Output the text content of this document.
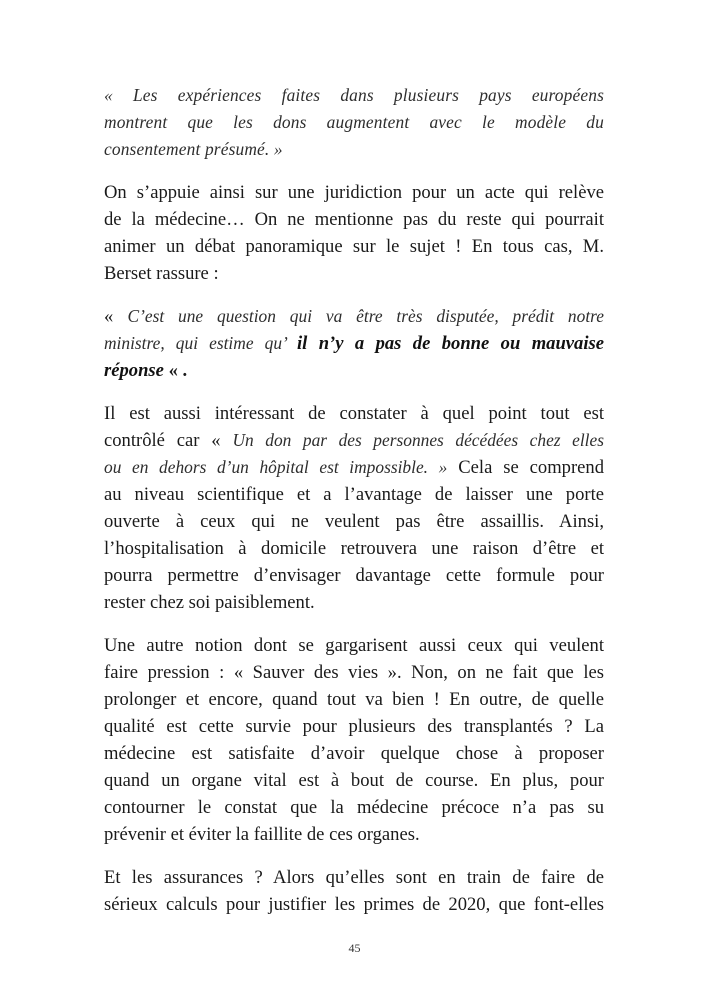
« Les expériences faites dans plusieurs pays européens
montrent que les dons augmentent avec le modèle du
consentement présumé. »
On s’appuie ainsi sur une juridiction pour un acte qui relève
de la médecine… On ne mentionne pas du reste qui pourrait
animer un débat panoramique sur le sujet ! En tous cas, M.
Berset rassure :
« C’est une question qui va être très disputée, prédit notre
ministre, qui estime qu’ il n’y a pas de bonne ou mauvaise
réponse « .
Il est aussi intéressant de constater à quel point tout est
contrôlé car « Un don par des personnes décédées chez elles
ou en dehors d’un hôpital est impossible. » Cela se comprend
au niveau scientifique et a l’avantage de laisser une porte
ouverte à ceux qui ne veulent pas être assaillis. Ainsi,
l’hospitalisation à domicile retrouvera une raison d’être et
pourra permettre d’envisager davantage cette formule pour
rester chez soi paisiblement.
Une autre notion dont se gargarisent aussi ceux qui veulent
faire pression : « Sauver des vies ». Non, on ne fait que les
prolonger et encore, quand tout va bien ! En outre, de quelle
qualité est cette survie pour plusieurs des transplantés ? La
médecine est satisfaite d’avoir quelque chose à proposer
quand un organe vital est à bout de course. En plus, pour
contourner le constat que la médecine précoce n’a pas su
prévenir et éviter la faillite de ces organes.
Et les assurances ? Alors qu’elles sont en train de faire de
sérieux calculs pour justifier les primes de 2020, que font-elles
45
